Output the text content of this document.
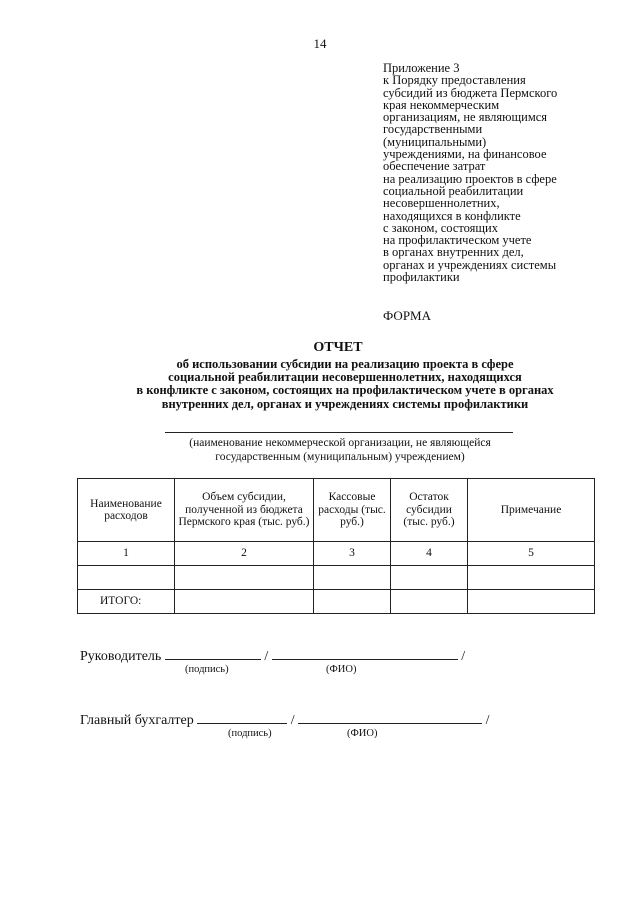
14
Приложение 3
к Порядку предоставления
субсидий из бюджета Пермского
края некоммерческим
организациям, не являющимся
государственными
(муниципальными)
учреждениями, на финансовое
обеспечение затрат
на реализацию проектов в сфере
социальной реабилитации
несовершеннолетних,
находящихся в конфликте
с законом, состоящих
на профилактическом учете
в органах внутренних дел,
органах и учреждениях системы
профилактики
ФОРМА
ОТЧЕТ
об использовании субсидии на реализацию проекта в сфере
социальной реабилитации несовершеннолетних, находящихся
в конфликте с законом, состоящих на профилактическом учете в органах
внутренних дел, органах и учреждениях системы профилактики
(наименование некоммерческой организации, не являющейся
государственным (муниципальным) учреждением)
Наименование расходов	Объем субсидии, полученной из бюджета Пермского края (тыс. руб.)	Кассовые расходы (тыс. руб.)	Остаток субсидии (тыс. руб.)	Примечание
1	2	3	4	5

ИТОГО:				
Руководитель	/	/
(подпись)	(ФИО)
Главный бухгалтер	/	/
(подпись)	(ФИО)
